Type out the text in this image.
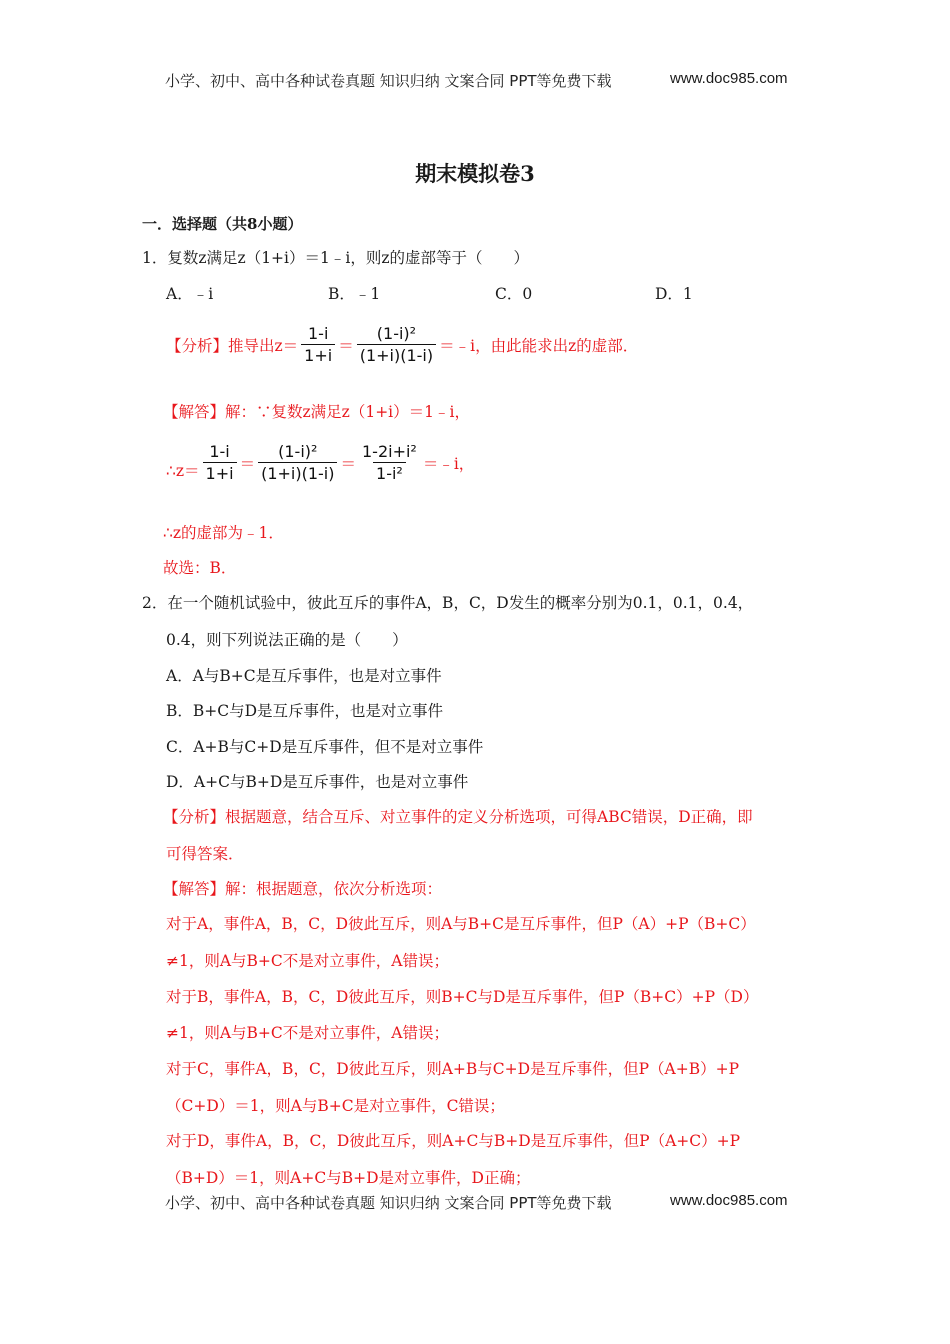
小学、初中、高中各种试卷真题 知识归纳 文案合同 PPT等免费下载	www.doc985.com
期末模拟卷3
一．选择题（共8小题）
1．复数z满足z（1+i）＝1﹣i，则z的虚部等于（　　）
A．﹣i	B．﹣1	C．0	D．1
【分析】推导出$z= \frac{1-i}{1+i} = \frac{\text{(1-i)²}}{(1+i)(1-i)}$ ＝﹣i，由此能求出z的虚部．
【解答】解：∵复数z满足z（1+i）＝1﹣i，
∴z＝ $\frac{1-i}{1+i} = \frac{\text{(1-i)²}}{(1+i)(1-i)} = \frac{\text{1-2i+i²}}{\text{1-i²}}$ ＝﹣i，
∴z的虚部为﹣1．
故选：B．
2．在一个随机试验中，彼此互斥的事件A，B，C，D发生的概率分别为0.1，0.1，0.4，
0.4，则下列说法正确的是（　　）
A．A与B+C是互斥事件，也是对立事件
B．B+C与D是互斥事件，也是对立事件
C．A+B与C+D是互斥事件，但不是对立事件
D．A+C与B+D是互斥事件，也是对立事件
【分析】根据题意，结合互斥、对立事件的定义分析选项，可得ABC错误，D正确，即
可得答案．
【解答】解：根据题意，依次分析选项：
对于A，事件A，B，C，D彼此互斥，则A与B+C是互斥事件，但P（A）+P（B+C）
≠1，则A与B+C不是对立事件，A错误；
对于B，事件A，B，C，D彼此互斥，则B+C与D是互斥事件，但P（B+C）+P（D）
≠1，则A与B+C不是对立事件，A错误；
对于C，事件A，B，C，D彼此互斥，则A+B与C+D是互斥事件，但P（A+B）+P
（C+D）＝1，则A与B+C是对立事件，C错误；
对于D，事件A，B，C，D彼此互斥，则A+C与B+D是互斥事件，但P（A+C）+P
（B+D）＝1，则A+C与B+D是对立事件，D正确；
小学、初中、高中各种试卷真题 知识归纳 文案合同 PPT等免费下载	www.doc985.com
